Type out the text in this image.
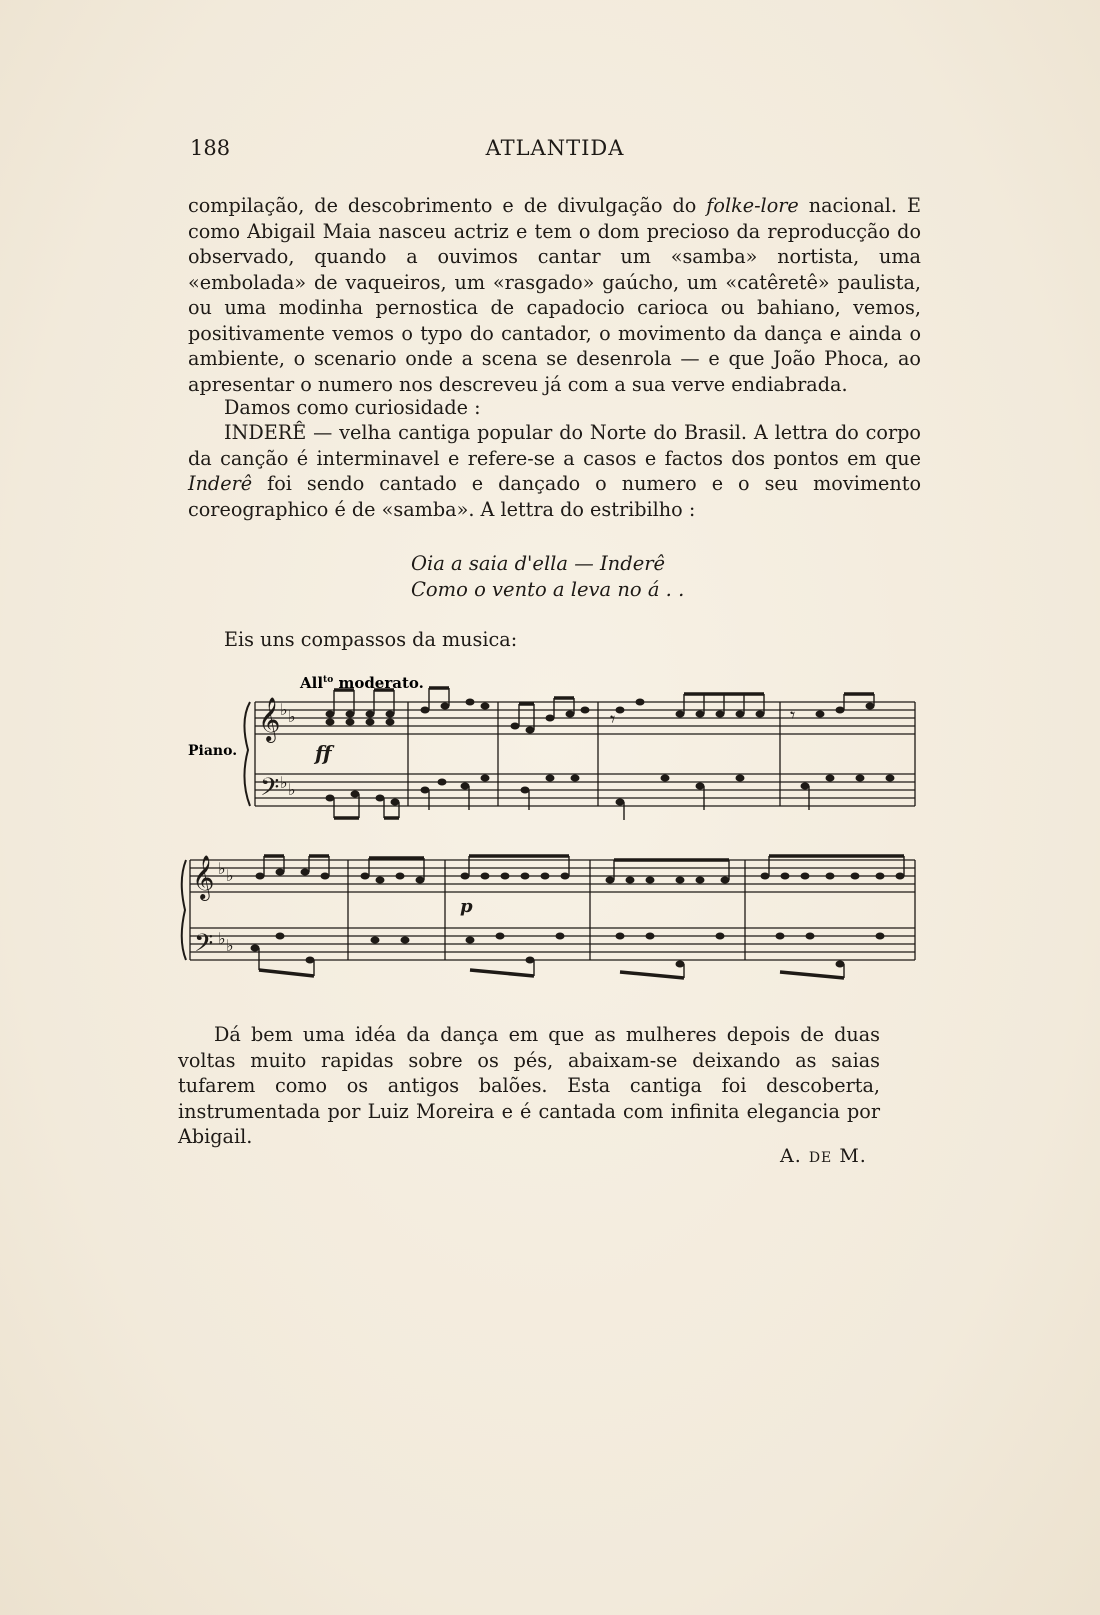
188	ATLANTIDA

compilação, de descobrimento e de divulgação do folke-lore nacional. E como Abigail Maia nasceu actriz e tem o dom precioso da reproducção do observado, quando a ouvimos cantar um «samba» nortista, uma «embolada» de vaqueiros, um «rasgado» gaúcho, um «catêretê» paulista, ou uma modinha pernostica de capadocio carioca ou bahiano, vemos, positivamente vemos o typo do cantador, o movimento da dança e ainda o ambiente, o scenario onde a scena se desenrola — e que João Phoca, ao apresentar o numero nos descreveu já com a sua verve endiabrada.

Damos como curiosidade :

INDERÊ — velha cantiga popular do Norte do Brasil. A lettra do corpo da canção é interminavel e refere-se a casos e factos dos pontos em que Inderê foi sendo cantado e dançado o numero e o seu movimento coreographico é de «samba». A lettra do estribilho :

Oia a saia d'ella — Inderê
Como o vento a leva no á . .

Eis uns compassos da musica:

All$^{to}$ moderato.
Piano.
𝄞
𝄢
♭ ♭
♭ ♭
ff
𝄾	𝄾
𝄞
𝄢
♭ ♭
♭ ♭
p

Dá bem uma idéa da dança em que as mulheres depois de duas voltas muito rapidas sobre os pés, abaixam-se deixando as saias tufarem como os antigos balões. Esta cantiga foi descoberta, instrumentada por Luiz Moreira e é cantada com infinita elegancia por Abigail.

A. DE M.
